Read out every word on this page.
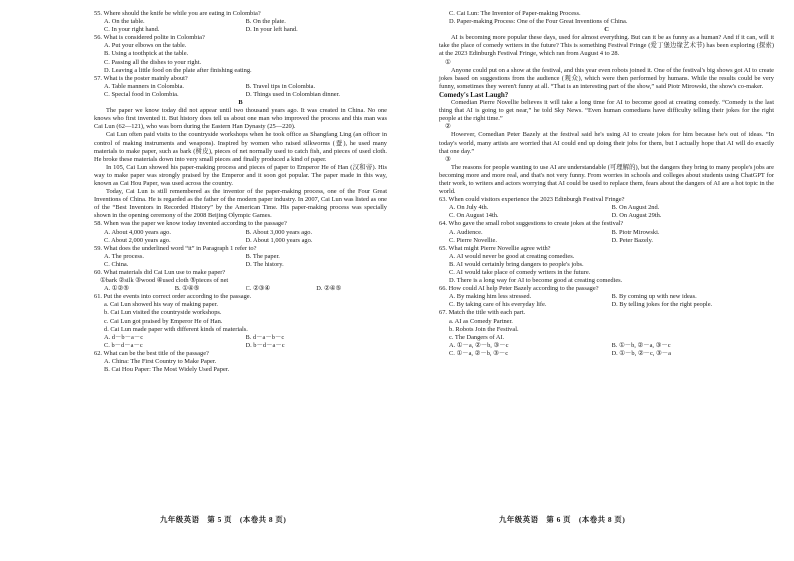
55. Where should the knife be while you are eating in Colombia?

A. On the table.	B. On the plate.
C. In your right hand.	D. In your left hand.

56. What is considered polite in Colombia?

A. Put your elbows on the table.
B. Using a toothpick at the table.
C. Passing all the dishes to your right.
D. Leaving a little food on the plate after finishing eating.

57. What is the poster mainly about?

A. Table manners in Colombia.	B. Travel tips in Colombia.
C. Special food in Colombia.	D. Things used in Colombian dinner.

B

The paper we know today did not appear until two thousand years ago. It was created in China. No one knows who first invented it. But history does tell us about one man who improved the process and this man was Cai Lun (62—121), who was born during the Eastern Han Dynasty (25—220).

Cai Lun often paid visits to the countryside workshops when he took office as Shangfang Ling (an officer in control of making instruments and weapons). Inspired by women who raised silkworms (蚕), he used many materials to make paper, such as bark (树皮), pieces of net normally used to catch fish, and pieces of used cloth. He broke these materials down into very small pieces and finally produced a kind of paper.

In 105, Cai Lun showed his paper-making process and pieces of paper to Emperor He of Han (汉和帝). His way to make paper was strongly praised by the Emperor and it soon got popular. The paper made in this way, known as Cai Hou Paper, was used across the country.

Today, Cai Lun is still remembered as the inventor of the paper-making process, one of the Four Great Inventions of China. He is regarded as the father of the modern paper industry. In 2007, Cai Lun was listed as one of the “Best Inventors in Recorded History” by the American Time. His paper-making process was specially shown in the opening ceremony of the 2008 Beijing Olympic Games.

58. When was the paper we know today invented according to the passage?

A. About 4,000 years ago.	B. About 3,000 years ago.
C. About 2,000 years ago.	D. About 1,000 years ago.

59. What does the underlined word “it” in Paragraph 1 refer to?

A. The process.	B. The paper.
C. China.	D. The history.

60. What materials did Cai Lun use to make paper?

①bark ②silk ③wood ④used cloth ⑤pieces of net

A. ①②⑤	B. ①④⑤	C. ②③④	D. ②④⑤

61. Put the events into correct order according to the passage.

a. Cai Lun showed his way of making paper.
b. Cai Lun visited the countryside workshops.
c. Cai Lun got praised by Emperor He of Han.
d. Cai Lun made paper with different kinds of materials.
A. d－b－a－c	B. d－a－b－c
C. b－d－a－c	D. b－d－a－c

62. What can be the best title of the passage?

A. China: The First Country to Make Paper.
B. Cai Hou Paper: The Most Widely Used Paper.
九年级英语　第 5 页　(本卷共 8 页)
C. Cai Lun: The Inventor of Paper-making Process.
D. Paper-making Process: One of the Four Great Inventions of China.

C

AI is becoming more popular these days, used for almost everything. But can it be as funny as a human? And if it can, will it take the place of comedy writers in the future? This is something Festival Fringe (爱丁堡边缘艺术节) has been exploring (探索) at the 2023 Edinburgh Festival Fringe, which ran from August 4 to 28.

①

Anyone could put on a show at the festival, and this year even robots joined it. One of the festival's big shows got AI to create jokes based on suggestions from the audience (观众), which were then performed by humans. While the results could be very funny, sometimes they weren't funny at all. “That is an interesting part of the show,” said Piotr Mirowski, the show's co-maker.

Comedy's Last Laugh?

Comedian Pierre Novellie believes it will take a long time for AI to become good at creating comedy. “Comedy is the last thing that AI is going to get near,” he told Sky News. “Even human comedians have difficulty telling their jokes for the right people at the right time.”

②

However, Comedian Peter Bazely at the festival said he's using AI to create jokes for him because he's out of ideas. “In today's world, many artists are worried that AI could end up doing their jobs for them, but I actually hope that AI will do exactly that one day.”

③

The reasons for people wanting to use AI are understandable (可理解的), but the dangers they bring to many people's jobs are becoming more and more real, and that's not very funny. From worries in schools and colleges about students using ChatGPT for their work, to writers and actors worrying that AI could be used to replace them, fears about the dangers of AI are a hot topic in the world.

63. When could visitors experience the 2023 Edinburgh Festival Fringe?

A. On July 4th.	B. On August 2nd.
C. On August 14th.	D. On August 29th.

64. Who gave the small robot suggestions to create jokes at the festival?

A. Audience.	B. Piotr Mirowski.
C. Pierre Novellie.	D. Peter Bazely.

65. What might Pierre Novellie agree with?

A. AI would never be good at creating comedies.
B. AI would certainly bring dangers to people's jobs.
C. AI would take place of comedy writers in the future.
D. There is a long way for AI to become good at creating comedies.

66. How could AI help Peter Bazely according to the passage?

A. By making him less stressed.	B. By coming up with new ideas.
C. By taking care of his everyday life.	D. By telling jokes for the right people.

67. Match the title with each part.

a. AI as Comedy Partner.
b. Robots Join the Festival.
c. The Dangers of AI.
A. ①－a, ②－b, ③－c	B. ①－b, ②－a, ③－c
C. ①－a, ②－b, ③－c	D. ①－b, ②－c, ③－a
九年级英语　第 6 页　(本卷共 8 页)
